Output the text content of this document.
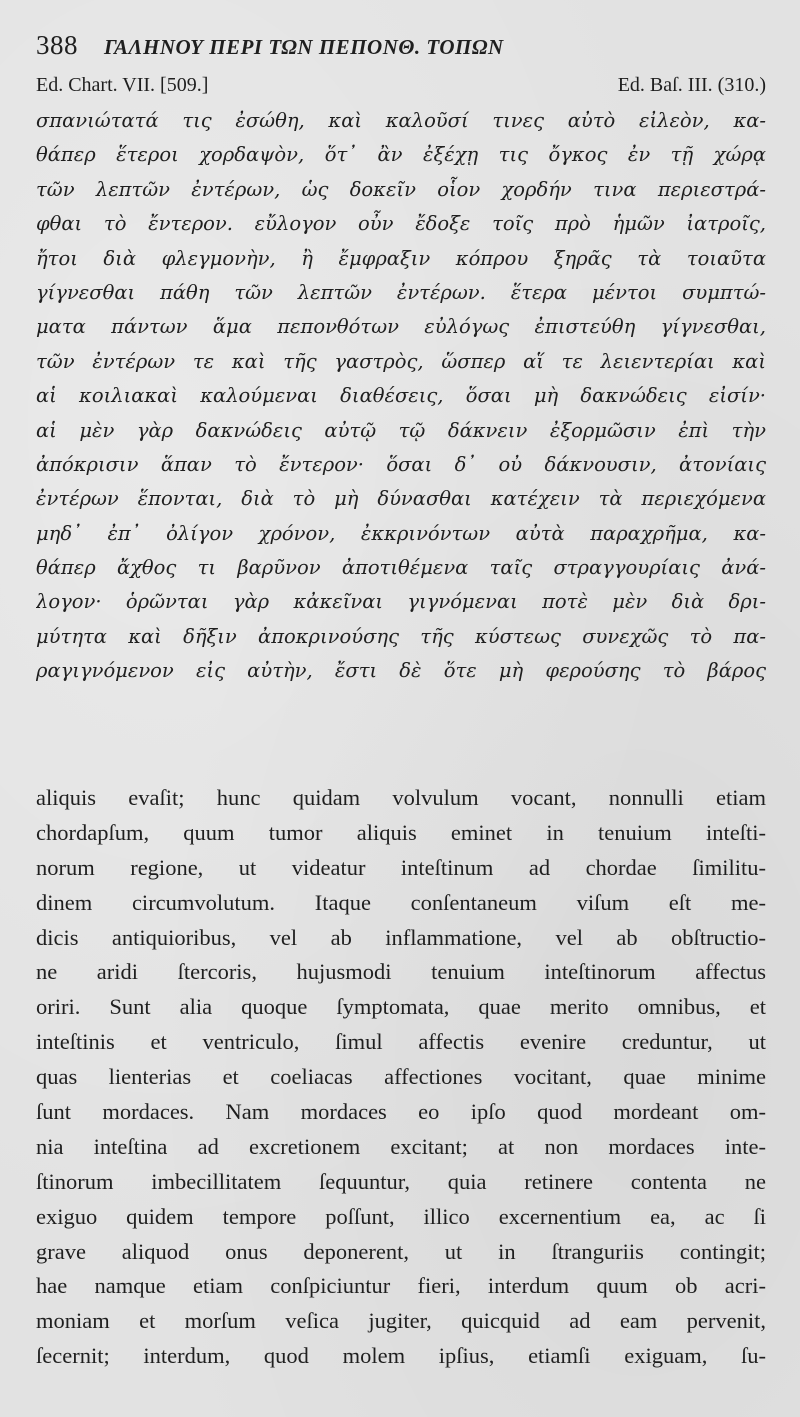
388 ΓΑΛΗΝΟΥ ΠΕΡΙ ΤΩΝ ΠΕΠΟΝΘ. ΤΟΠΩΝ
Ed. Chart. VII. [509.]	Ed. Baſ. III. (310.)
σπανιώτατά τις ἐσώθη, καὶ καλοῦσί τινες αὐτὸ εἰλεὸν, κα-
θάπερ ἕτεροι χορδαψὸν, ὅτ᾽ ἂν ἐξέχῃ τις ὄγκος ἐν τῇ χώρᾳ
τῶν λεπτῶν ἐντέρων, ὡς δοκεῖν οἷον χορδήν τινα περιεστρά-
φθαι τὸ ἔντερον. εὔλογον οὖν ἔδοξε τοῖς πρὸ ἡμῶν ἰατροῖς,
ἤτοι διὰ φλεγμονὴν, ἢ ἔμφραξιν κόπρου ξηρᾶς τὰ τοιαῦτα
γίγνεσθαι πάθη τῶν λεπτῶν ἐντέρων. ἕτερα μέντοι συμπτώ-
ματα πάντων ἅμα πεπονθότων εὐλόγως ἐπιστεύθη γίγνεσθαι,
τῶν ἐντέρων τε καὶ τῆς γαστρὸς, ὥσπερ αἵ τε λειεντερίαι καὶ
αἱ κοιλιακαὶ καλούμεναι διαθέσεις, ὅσαι μὴ δακνώδεις εἰσίν·
αἱ μὲν γὰρ δακνώδεις αὐτῷ τῷ δάκνειν ἐξορμῶσιν ἐπὶ τὴν
ἀπόκρισιν ἅπαν τὸ ἔντερον· ὅσαι δ᾽ οὐ δάκνουσιν, ἀτονίαις
ἐντέρων ἕπονται, διὰ τὸ μὴ δύνασθαι κατέχειν τὰ περιεχόμενα
μηδ᾽ ἐπ᾽ ὀλίγον χρόνον, ἐκκρινόντων αὐτὰ παραχρῆμα, κα-
θάπερ ἄχθος τι βαρῦνον ἀποτιθέμενα ταῖς στραγγουρίαις ἀνά-
λογον· ὁρῶνται γὰρ κἀκεῖναι γιγνόμεναι ποτὲ μὲν διὰ δρι-
μύτητα καὶ δῆξιν ἀποκρινούσης τῆς κύστεως συνεχῶς τὸ πα-
ραγιγνόμενον εἰς αὐτὴν, ἔστι δὲ ὅτε μὴ φερούσης τὸ βάρος
aliquis evaſit; hunc quidam volvulum vocant, nonnulli etiam
chordapſum, quum tumor aliquis eminet in tenuium inteſti-
norum regione, ut videatur inteſtinum ad chordae ſimilitu-
dinem circumvolutum. Itaque conſentaneum viſum eſt me-
dicis antiquioribus, vel ab inflammatione, vel ab obſtructio-
ne aridi ſtercoris, hujusmodi tenuium inteſtinorum affectus
oriri. Sunt alia quoque ſymptomata, quae merito omnibus, et
inteſtinis et ventriculo, ſimul affectis evenire creduntur, ut
quas lienterias et coeliacas affectiones vocitant, quae minime
ſunt mordaces. Nam mordaces eo ipſo quod mordeant om-
nia inteſtina ad excretionem excitant; at non mordaces inte-
ſtinorum imbecillitatem ſequuntur, quia retinere contenta ne
exiguo quidem tempore poſſunt, illico excernentium ea, ac ſi
grave aliquod onus deponerent, ut in ſtranguriis contingit;
hae namque etiam conſpiciuntur fieri, interdum quum ob acri-
moniam et morſum veſica jugiter, quicquid ad eam pervenit,
ſecernit; interdum, quod molem ipſius, etiamſi exiguam, ſu-
